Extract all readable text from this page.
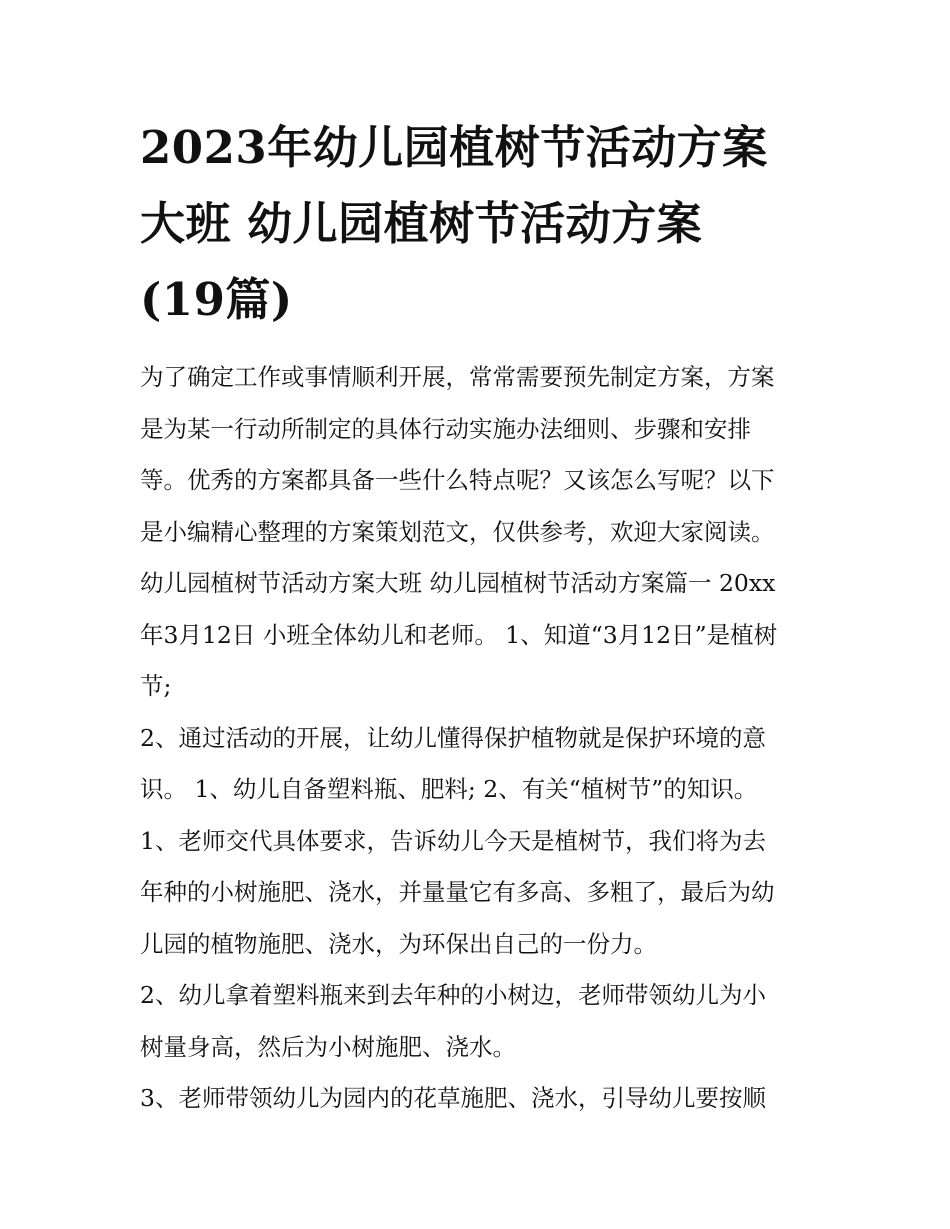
2023年幼儿园植树节活动方案
大班 幼儿园植树节活动方案
(19篇)
为了确定工作或事情顺利开展，常常需要预先制定方案，方案
是为某一行动所制定的具体行动实施办法细则、步骤和安排
等。优秀的方案都具备一些什么特点呢？又该怎么写呢？以下
是小编精心整理的方案策划范文，仅供参考，欢迎大家阅读。
幼儿园植树节活动方案大班 幼儿园植树节活动方案篇一 20xx
年3月12日 小班全体幼儿和老师。 1、知道“3月12日”是植树
节;
2、通过活动的开展，让幼儿懂得保护植物就是保护环境的意
识。 1、幼儿自备塑料瓶、肥料; 2、有关“植树节”的知识。
1、老师交代具体要求，告诉幼儿今天是植树节，我们将为去
年种的小树施肥、浇水，并量量它有多高、多粗了，最后为幼
儿园的植物施肥、浇水，为环保出自己的一份力。
2、幼儿拿着塑料瓶来到去年种的小树边，老师带领幼儿为小
树量身高，然后为小树施肥、浇水。
3、老师带领幼儿为园内的花草施肥、浇水，引导幼儿要按顺
